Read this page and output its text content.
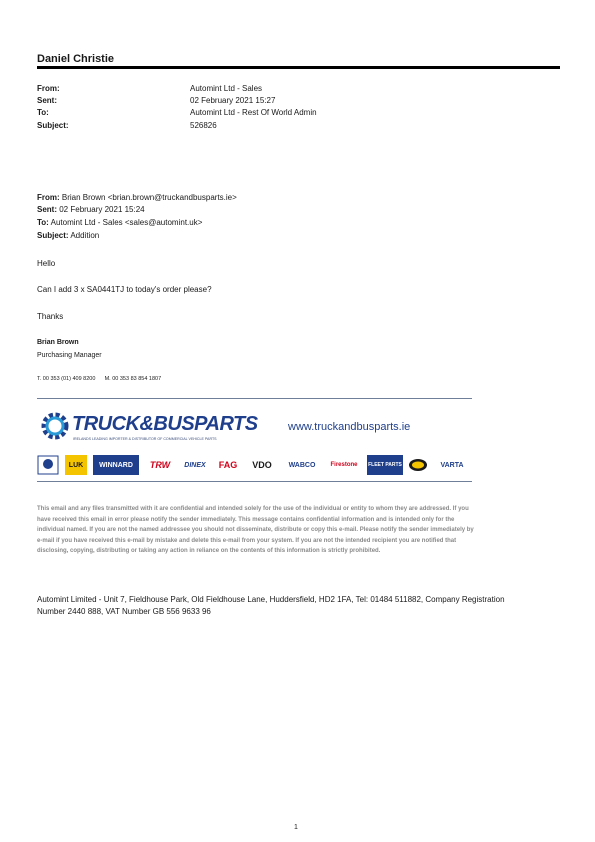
Daniel Christie
From:	Automint Ltd - Sales
Sent:	02 February 2021 15:27
To:	Automint Ltd - Rest Of World Admin
Subject:	526826
From: Brian Brown <brian.brown@truckandbusparts.ie>
Sent: 02 February 2021 15:24
To: Automint Ltd - Sales <sales@automint.uk>
Subject: Addition
Hello
Can I add 3 x SA0441TJ to today's order please?
Thanks
Brian Brown
Purchasing Manager
T. 00 353 (01) 409 8200 M. 00 353 83 854 1807
TRUCK&BUSPARTS
IRELANDS LEADING IMPORTER & DISTRIBUTOR OF COMMERCIAL VEHICLE PARTS
www.truckandbusparts.ie
LUK	WINNARD	TRW	DINEX	FAG	VDO	WABCO	Firestone	FLEET PARTS	VARTA
This email and any files transmitted with it are confidential and intended solely for the use of the individual or entity to whom they are addressed. If you have received this email in error please notify the sender immediately. This message contains confidential information and is intended only for the individual named. If you are not the named addressee you should not disseminate, distribute or copy this e-mail. Please notify the sender immediately by e-mail if you have received this e-mail by mistake and delete this e-mail from your system. If you are not the intended recipient you are notified that disclosing, copying, distributing or taking any action in reliance on the contents of this information is strictly prohibited.
Automint Limited - Unit 7, Fieldhouse Park, Old Fieldhouse Lane, Huddersfield, HD2 1FA, Tel: 01484 511882, Company Registration Number 2440 888, VAT Number GB 556 9633 96
1
